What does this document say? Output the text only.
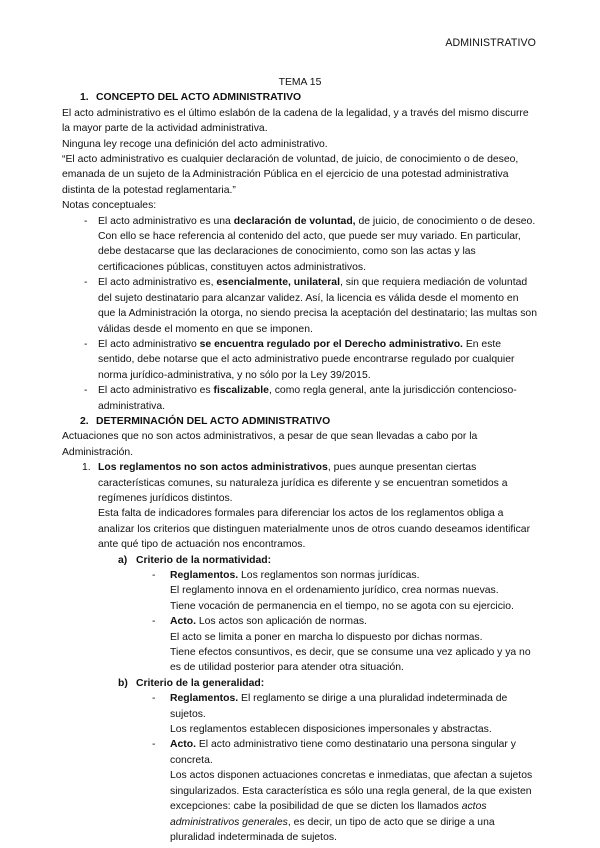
ADMINISTRATIVO

TEMA 15

1. CONCEPTO DEL ACTO ADMINISTRATIVO

El acto administrativo es el último eslabón de la cadena de la legalidad, y a través del mismo discurre la mayor parte de la actividad administrativa.

Ninguna ley recoge una definición del acto administrativo.

“El acto administrativo es cualquier declaración de voluntad, de juicio, de conocimiento o de deseo, emanada de un sujeto de la Administración Pública en el ejercicio de una potestad administrativa distinta de la potestad reglamentaria.”

Notas conceptuales:

- El acto administrativo es una declaración de voluntad, de juicio, de conocimiento o de deseo. Con ello se hace referencia al contenido del acto, que puede ser muy variado. En particular, debe destacarse que las declaraciones de conocimiento, como son las actas y las certificaciones públicas, constituyen actos administrativos.
- El acto administrativo es, esencialmente, unilateral, sin que requiera mediación de voluntad del sujeto destinatario para alcanzar validez. Así, la licencia es válida desde el momento en que la Administración la otorga, no siendo precisa la aceptación del destinatario; las multas son válidas desde el momento en que se imponen.
- El acto administrativo se encuentra regulado por el Derecho administrativo. En este sentido, debe notarse que el acto administrativo puede encontrarse regulado por cualquier norma jurídico-administrativa, y no sólo por la Ley 39/2015.
- El acto administrativo es fiscalizable, como regla general, ante la jurisdicción contencioso-administrativa.

2. DETERMINACIÓN DEL ACTO ADMINISTRATIVO

Actuaciones que no son actos administrativos, a pesar de que sean llevadas a cabo por la Administración.

1. Los reglamentos no son actos administrativos, pues aunque presentan ciertas características comunes, su naturaleza jurídica es diferente y se encuentran sometidos a regímenes jurídicos distintos.

Esta falta de indicadores formales para diferenciar los actos de los reglamentos obliga a analizar los criterios que distinguen materialmente unos de otros cuando deseamos identificar ante qué tipo de actuación nos encontramos.

a) Criterio de la normatividad:

- Reglamentos. Los reglamentos son normas jurídicas.

El reglamento innova en el ordenamiento jurídico, crea normas nuevas.

Tiene vocación de permanencia en el tiempo, no se agota con su ejercicio.

- Acto. Los actos son aplicación de normas.

El acto se limita a poner en marcha lo dispuesto por dichas normas.

Tiene efectos consuntivos, es decir, que se consume una vez aplicado y ya no es de utilidad posterior para atender otra situación.

b) Criterio de la generalidad:

- Reglamentos. El reglamento se dirige a una pluralidad indeterminada de sujetos.

Los reglamentos establecen disposiciones impersonales y abstractas.

- Acto. El acto administrativo tiene como destinatario una persona singular y concreta.

Los actos disponen actuaciones concretas e inmediatas, que afectan a sujetos singularizados. Esta característica es sólo una regla general, de la que existen excepciones: cabe la posibilidad de que se dicten los llamados actos administrativos generales, es decir, un tipo de acto que se dirige a una pluralidad indeterminada de sujetos.
